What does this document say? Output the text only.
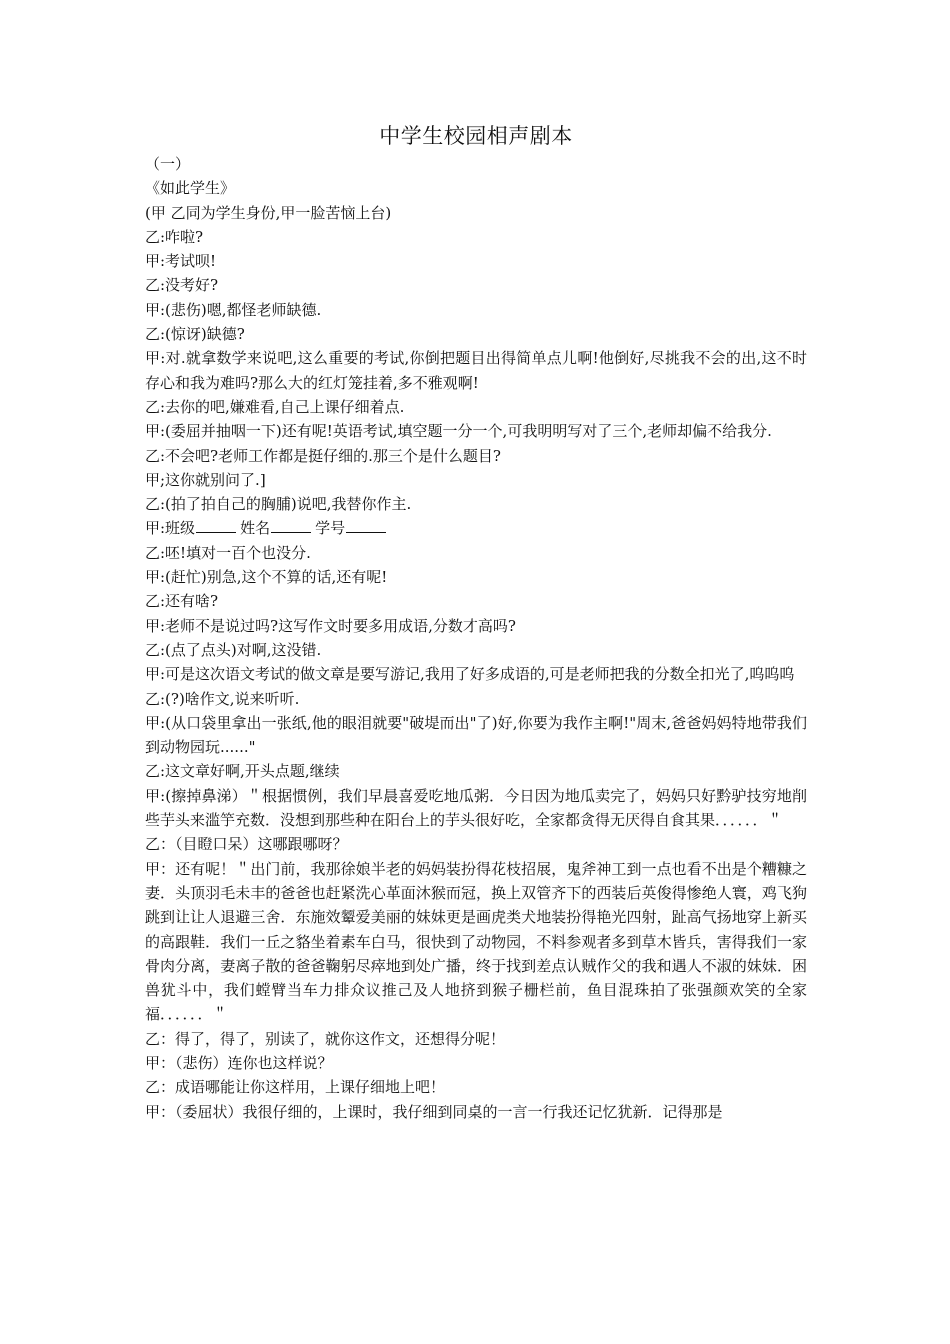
中学生校园相声剧本

（一）

《如此学生》

(甲 乙同为学生身份,甲一脸苦恼上台)

乙:咋啦?

甲:考试呗!

乙:没考好?

甲:(悲伤)嗯,都怪老师缺德.

乙:(惊讶)缺德?

甲:对.就拿数学来说吧,这么重要的考试,你倒把题目出得简单点儿啊!他倒好,尽挑我不会的出,这不时存心和我为难吗?那么大的红灯笼挂着,多不雅观啊!

乙:去你的吧,嫌难看,自己上课仔细着点.

甲:(委屈并抽咽一下)还有呢!英语考试,填空题一分一个,可我明明写对了三个,老师却偏不给我分.

乙:不会吧?老师工作都是挺仔细的.那三个是什么题目?

甲;这你就别问了.]

乙:(拍了拍自己的胸脯)说吧,我替你作主.

甲:班级	姓名	学号

乙:呸!填对一百个也没分.

甲:(赶忙)别急,这个不算的话,还有呢!

乙:还有啥?

甲:老师不是说过吗?这写作文时要多用成语,分数才高吗?

乙:(点了点头)对啊,这没错.

甲:可是这次语文考试的做文章是要写游记,我用了好多成语的,可是老师把我的分数全扣光了,呜呜呜

乙:(?)啥作文,说来听听.

甲:(从口袋里拿出一张纸,他的眼泪就要"破堤而出"了)好,你要为我作主啊!"周末,爸爸妈妈特地带我们到动物园玩......"

乙:这文章好啊,开头点题,继续

甲:(擦掉鼻涕）＂根据惯例，我们早晨喜爱吃地瓜粥．今日因为地瓜卖完了，妈妈只好黔驴技穷地削些芋头来滥竽充数．没想到那些种在阳台上的芋头很好吃，全家都贪得无厌得自食其果．．．．．．＂

乙：（目瞪口呆）这哪跟哪呀？

甲：还有呢！＂出门前，我那徐娘半老的妈妈装扮得花枝招展，鬼斧神工到一点也看不出是个糟糠之妻．头顶羽毛未丰的爸爸也赶紧洗心革面沐猴而冠，换上双管齐下的西装后英俊得惨绝人寰，鸡飞狗跳到让让人退避三舍．东施效颦爱美丽的妹妹更是画虎类犬地装扮得艳光四射，趾高气扬地穿上新买的高跟鞋．我们一丘之貉坐着素车白马，很快到了动物园，不料参观者多到草木皆兵，害得我们一家骨肉分离，妻离子散的爸爸鞠躬尽瘁地到处广播，终于找到差点认贼作父的我和遇人不淑的妹妹．困兽犹斗中，我们螳臂当车力排众议推己及人地挤到猴子栅栏前，鱼目混珠拍了张强颜欢笑的全家福．．．．．．＂

乙：得了，得了，别读了，就你这作文，还想得分呢！

甲：（悲伤）连你也这样说？

乙：成语哪能让你这样用，上课仔细地上吧！

甲：（委屈状）我很仔细的，上课时，我仔细到同桌的一言一行我还记忆犹新．记得那是
